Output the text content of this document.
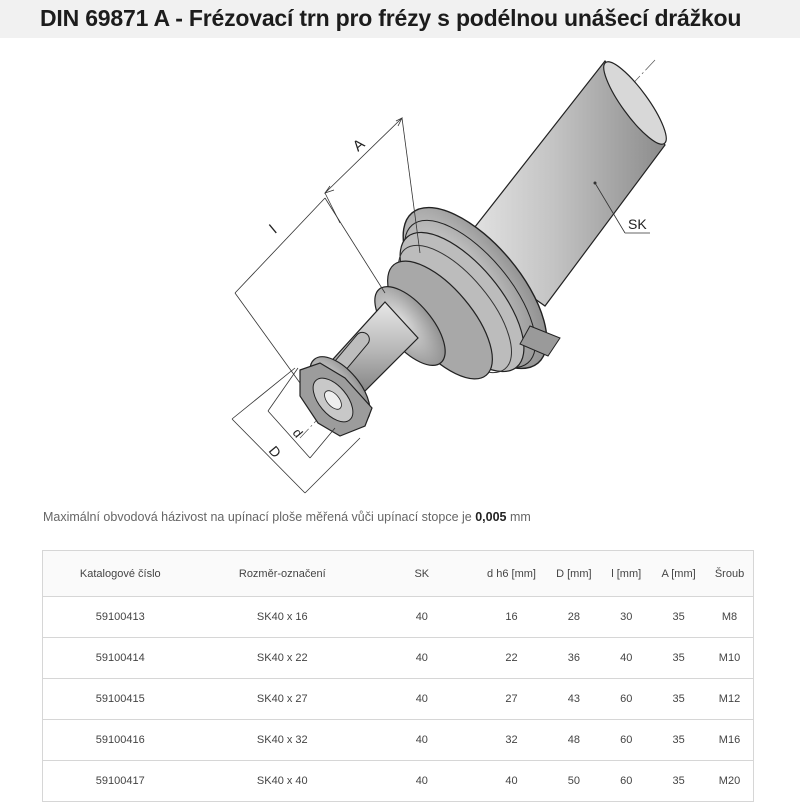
DIN 69871 A - Frézovací trn pro frézy s podélnou unášecí drážkou
A
l
d
D
SK
Maximální obvodová házivost na upínací ploše měřená vůči upínací stopce je 0,005 mm
Katalogové číslo	Rozměr-označení	SK	d h6 [mm]	D [mm]	l [mm]	A [mm]	Šroub
59100413	SK40 x 16	40	16	28	30	35	M8
59100414	SK40 x 22	40	22	36	40	35	M10
59100415	SK40 x 27	40	27	43	60	35	M12
59100416	SK40 x 32	40	32	48	60	35	M16
59100417	SK40 x 40	40	40	50	60	35	M20
